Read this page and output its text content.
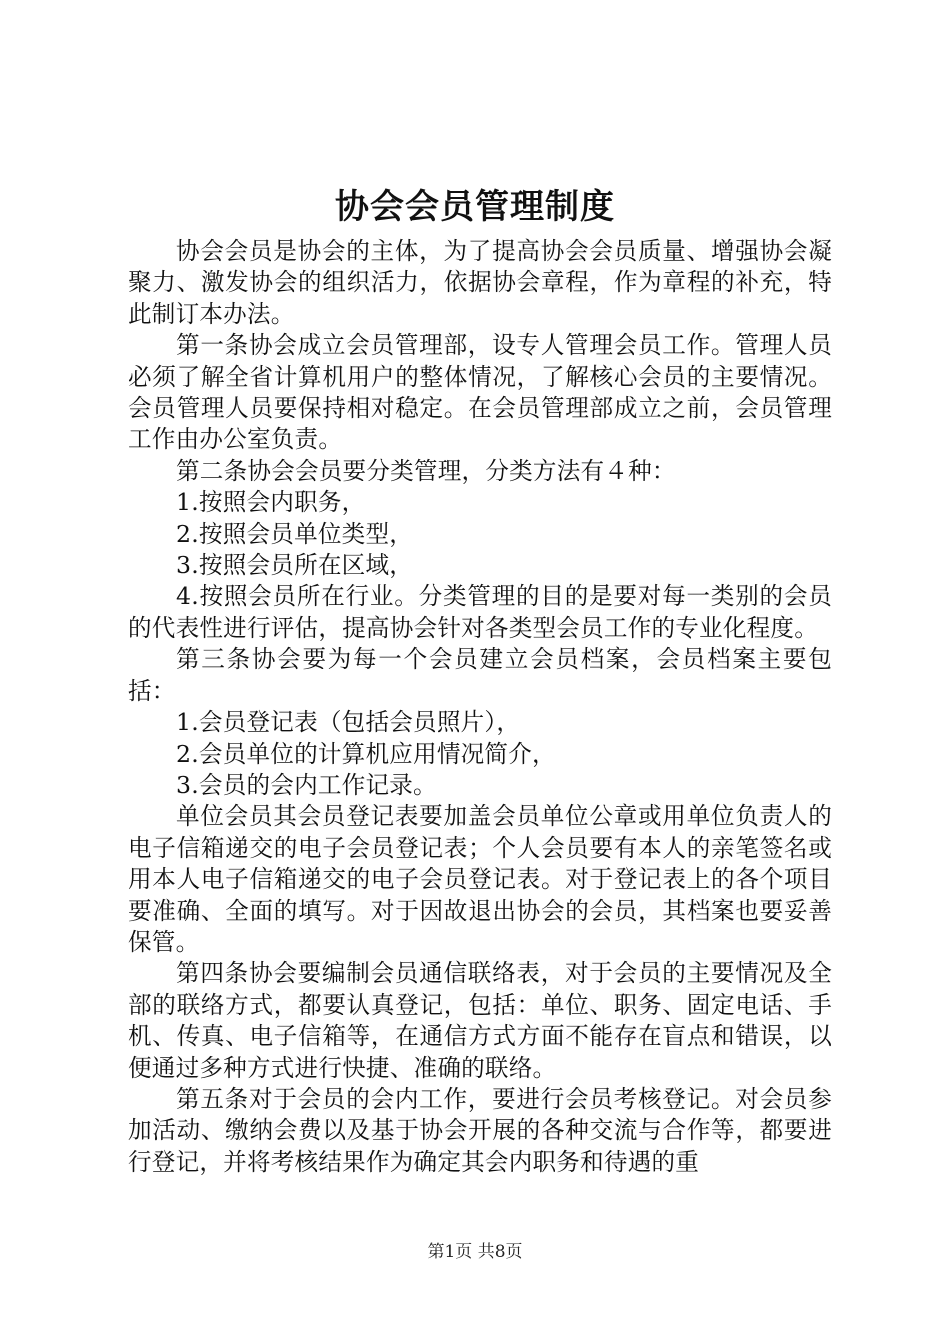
协会会员管理制度

协会会员是协会的主体，为了提高协会会员质量、增强协会凝聚力、激发协会的组织活力，依据协会章程，作为章程的补充，特此制订本办法。

第一条协会成立会员管理部，设专人管理会员工作。管理人员必须了解全省计算机用户的整体情况，了解核心会员的主要情况。会员管理人员要保持相对稳定。在会员管理部成立之前，会员管理工作由办公室负责。

第二条协会会员要分类管理，分类方法有４种：

1.按照会内职务，

2.按照会员单位类型，

3.按照会员所在区域，

4.按照会员所在行业。分类管理的目的是要对每一类别的会员的代表性进行评估，提高协会针对各类型会员工作的专业化程度。

第三条协会要为每一个会员建立会员档案，会员档案主要包括：

1.会员登记表（包括会员照片），

2.会员单位的计算机应用情况简介，

3.会员的会内工作记录。

单位会员其会员登记表要加盖会员单位公章或用单位负责人的电子信箱递交的电子会员登记表；个人会员要有本人的亲笔签名或用本人电子信箱递交的电子会员登记表。对于登记表上的各个项目要准确、全面的填写。对于因故退出协会的会员，其档案也要妥善保管。

第四条协会要编制会员通信联络表，对于会员的主要情况及全部的联络方式，都要认真登记，包括：单位、职务、固定电话、手机、传真、电子信箱等，在通信方式方面不能存在盲点和错误，以便通过多种方式进行快捷、准确的联络。

第五条对于会员的会内工作，要进行会员考核登记。对会员参加活动、缴纳会费以及基于协会开展的各种交流与合作等，都要进行登记，并将考核结果作为确定其会内职务和待遇的重

第1页 共8页
